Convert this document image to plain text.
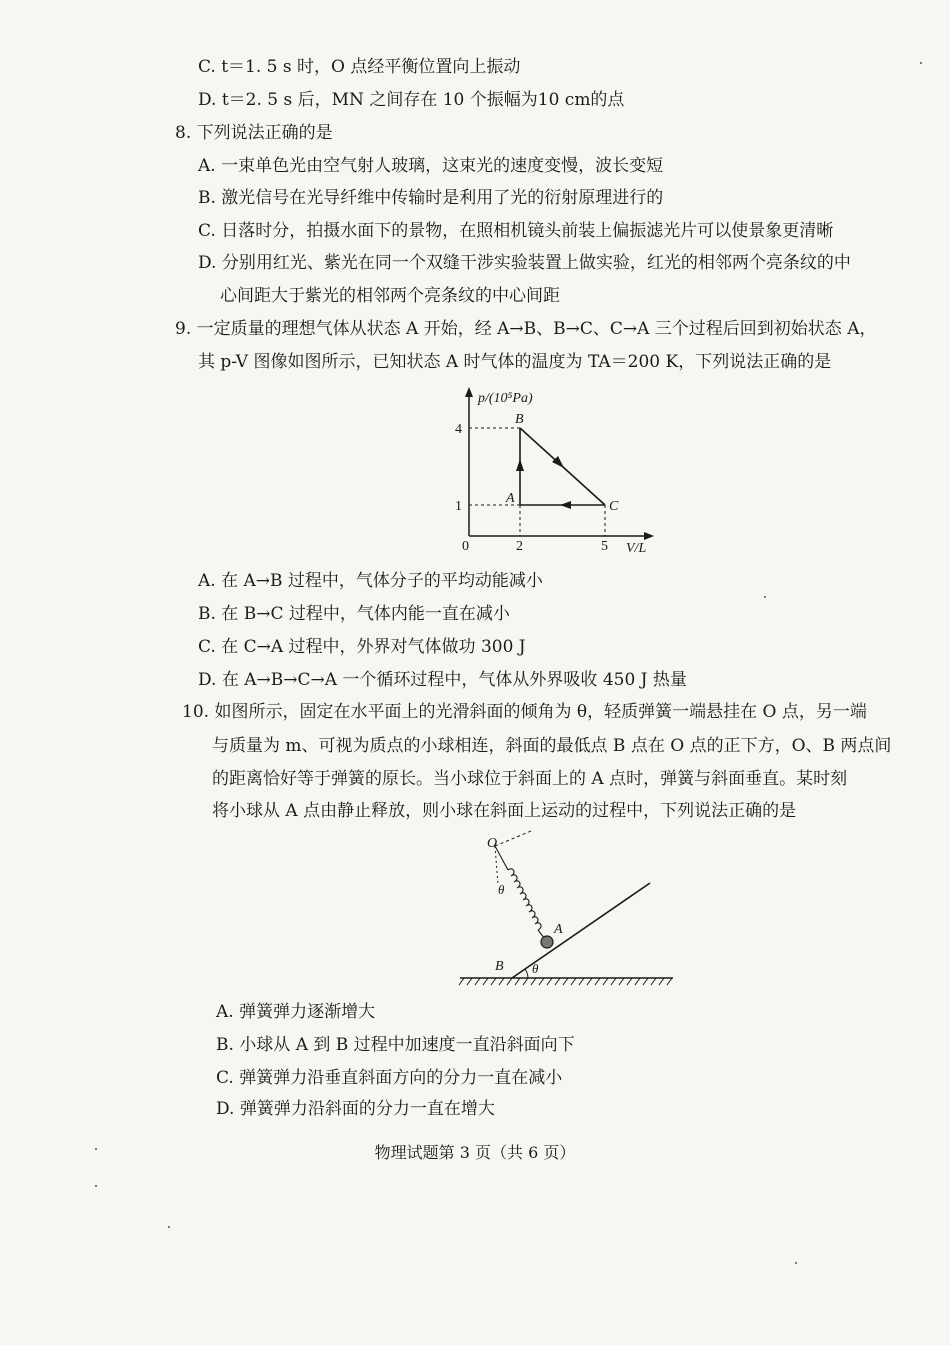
C. t＝1. 5 s 时，O 点经平衡位置向上振动
D. t＝2. 5 s 后，MN 之间存在 10 个振幅为10 cm的点
8. 下列说法正确的是
A. 一束单色光由空气射人玻璃，这束光的速度变慢，波长变短
B. 激光信号在光导纤维中传输时是利用了光的衍射原理进行的
C. 日落时分，拍摄水面下的景物，在照相机镜头前装上偏振滤光片可以使景象更清晰
D. 分别用红光、紫光在同一个双缝干涉实验装置上做实验，红光的相邻两个亮条纹的中
心间距大于紫光的相邻两个亮条纹的中心间距
9. 一定质量的理想气体从状态 A 开始，经 A→B、B→C、C→A 三个过程后回到初始状态 A，
其 p-V 图像如图所示，已知状态 A 时气体的温度为 TA＝200 K，下列说法正确的是
p/(10⁵Pa)
V/L
0
4
1
2	5
A
B
C
A. 在 A→B 过程中，气体分子的平均动能减小
B. 在 B→C 过程中，气体内能一直在减小
C. 在 C→A 过程中，外界对气体做功 300 J
D. 在 A→B→C→A 一个循环过程中，气体从外界吸收 450 J 热量
10. 如图所示，固定在水平面上的光滑斜面的倾角为 θ，轻质弹簧一端悬挂在 O 点，另一端
与质量为 m、可视为质点的小球相连，斜面的最低点 B 点在 O 点的正下方，O、B 两点间
的距离恰好等于弹簧的原长。当小球位于斜面上的 A 点时，弹簧与斜面垂直。某时刻
将小球从 A 点由静止释放，则小球在斜面上运动的过程中，下列说法正确的是
O
θ
A
B θ
A. 弹簧弹力逐渐增大
B. 小球从 A 到 B 过程中加速度一直沿斜面向下
C. 弹簧弹力沿垂直斜面方向的分力一直在减小
D. 弹簧弹力沿斜面的分力一直在增大
物理试题第 3 页（共 6 页）
